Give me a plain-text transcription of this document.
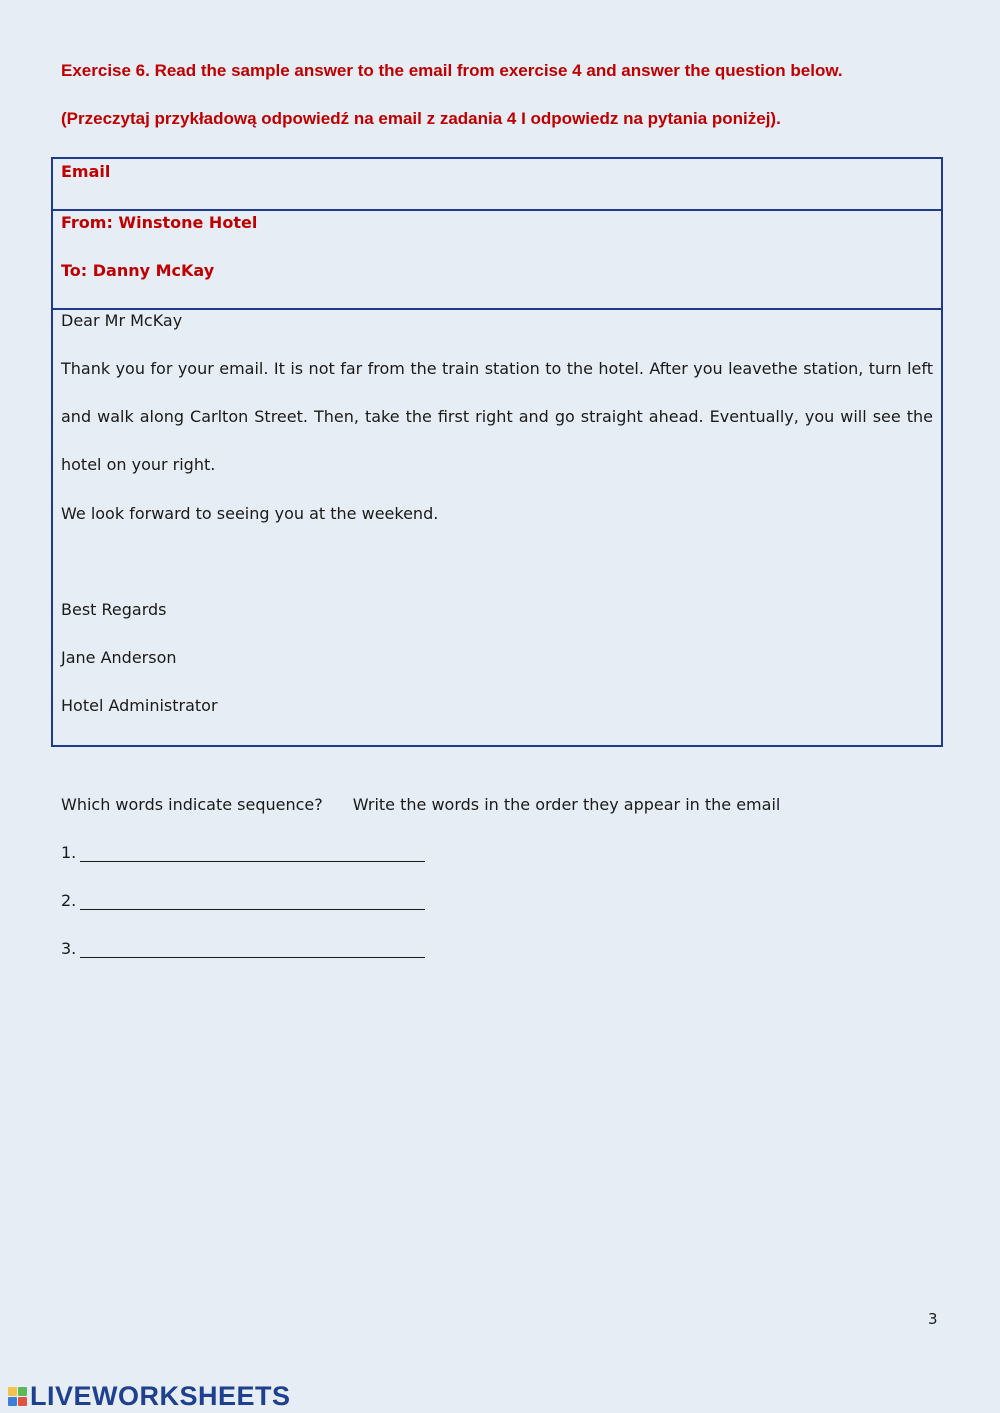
Exercise 6. Read the sample answer to the email from exercise 4 and answer the question below.
(Przeczytaj przykładową odpowiedź na email z zadania 4 I odpowiedz na pytania poniżej).
Email
From: Winstone Hotel
To: Danny McKay
Dear Mr McKay
Thank you for your email. It is not far from the train station to the hotel. After you leavethe station, turn left
and walk along Carlton Street. Then, take the first right and go straight ahead. Eventually, you will see the
hotel on your right.
We look forward to seeing you at the weekend.
Best Regards
Jane Anderson
Hotel Administrator
Which words indicate sequence? Write the words in the order they appear in the email
1.
2.
3.
3
LIVEWORKSHEETS
